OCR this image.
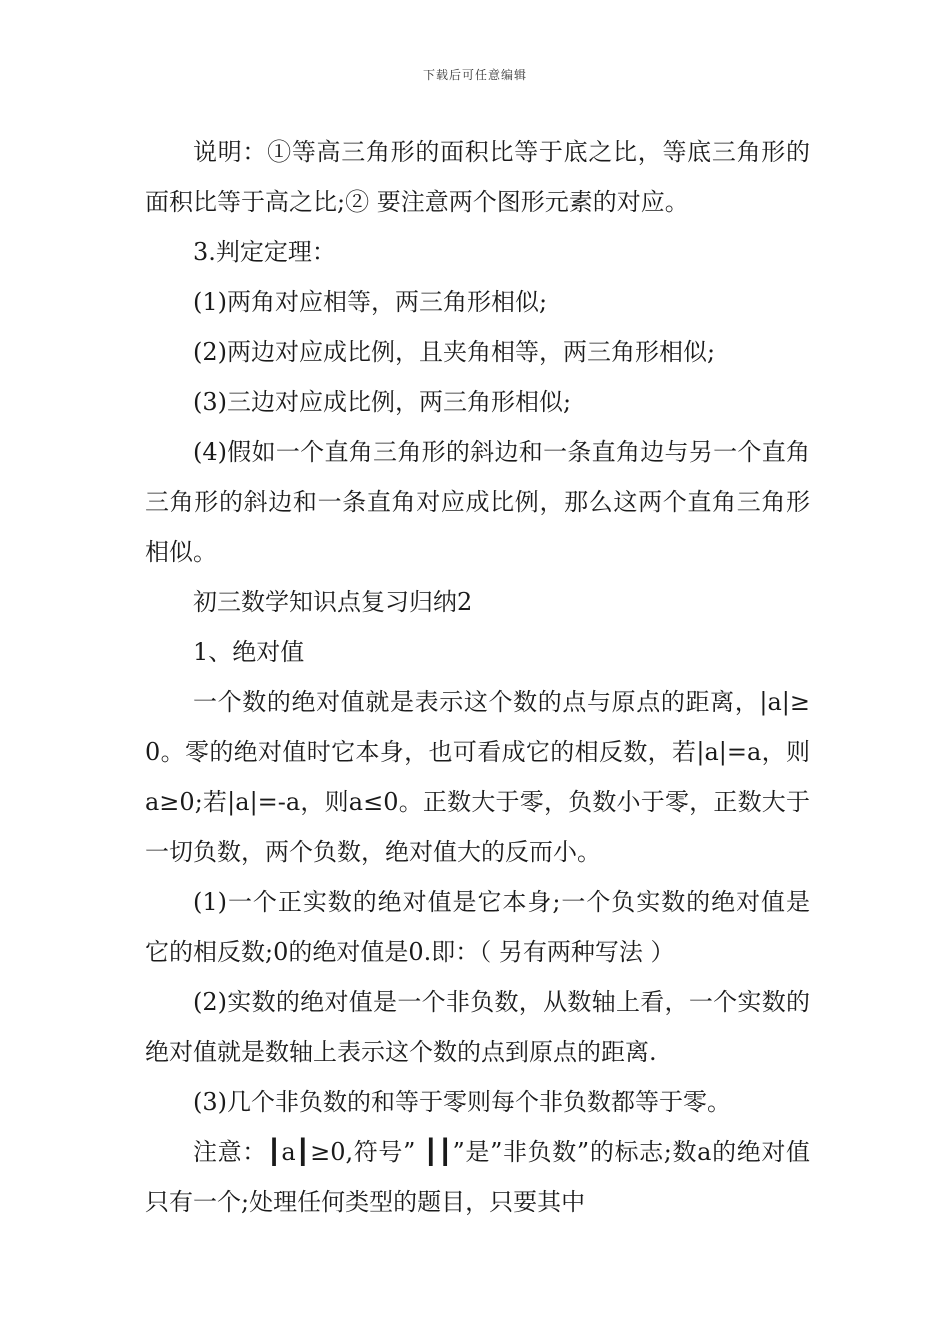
下载后可任意编辑

说明：①等高三角形的面积比等于底之比，等底三角形的面积比等于高之比;② 要注意两个图形元素的对应。

3.判定定理：

(1)两角对应相等，两三角形相似;

(2)两边对应成比例，且夹角相等，两三角形相似;

(3)三边对应成比例，两三角形相似;

(4)假如一个直角三角形的斜边和一条直角边与另一个直角三角形的斜边和一条直角对应成比例，那么这两个直角三角形相似。

初三数学知识点复习归纳2

1、绝对值

一个数的绝对值就是表示这个数的点与原点的距离，|a|≥0。零的绝对值时它本身，也可看成它的相反数，若|a|=a，则a≥0;若|a|=-a，则a≤0。正数大于零，负数小于零，正数大于一切负数，两个负数，绝对值大的反而小。

(1)一个正实数的绝对值是它本身;一个负实数的绝对值是它的相反数;0的绝对值是0.即：（ 另有两种写法 ）

(2)实数的绝对值是一个非负数，从数轴上看，一个实数的绝对值就是数轴上表示这个数的点到原点的距离.

(3)几个非负数的和等于零则每个非负数都等于零。

注意：┃a┃≥0,符号” ┃┃”是”非负数”的标志;数a的绝对值只有一个;处理任何类型的题目，只要其中
